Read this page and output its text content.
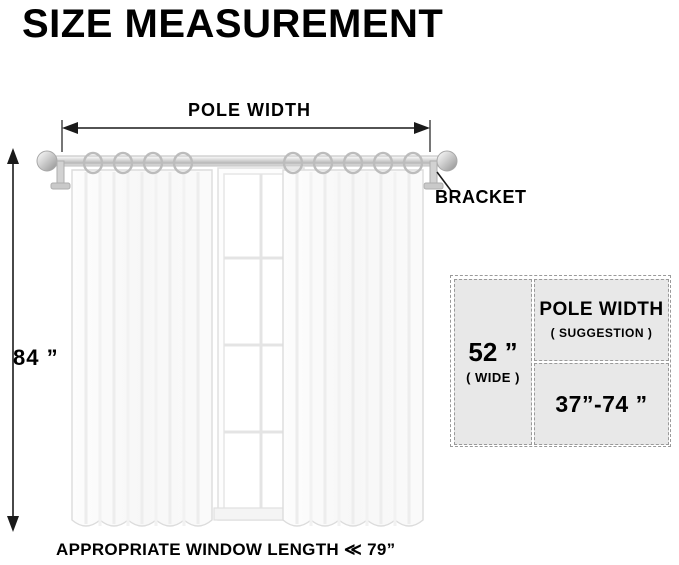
SIZE MEASUREMENT
POLE WIDTH
BRACKET
84 ”
APPROPRIATE WINDOW LENGTH ≪ 79”
52 ”
( WIDE )
POLE WIDTH
( SUGGESTION )
37”-74 ”
